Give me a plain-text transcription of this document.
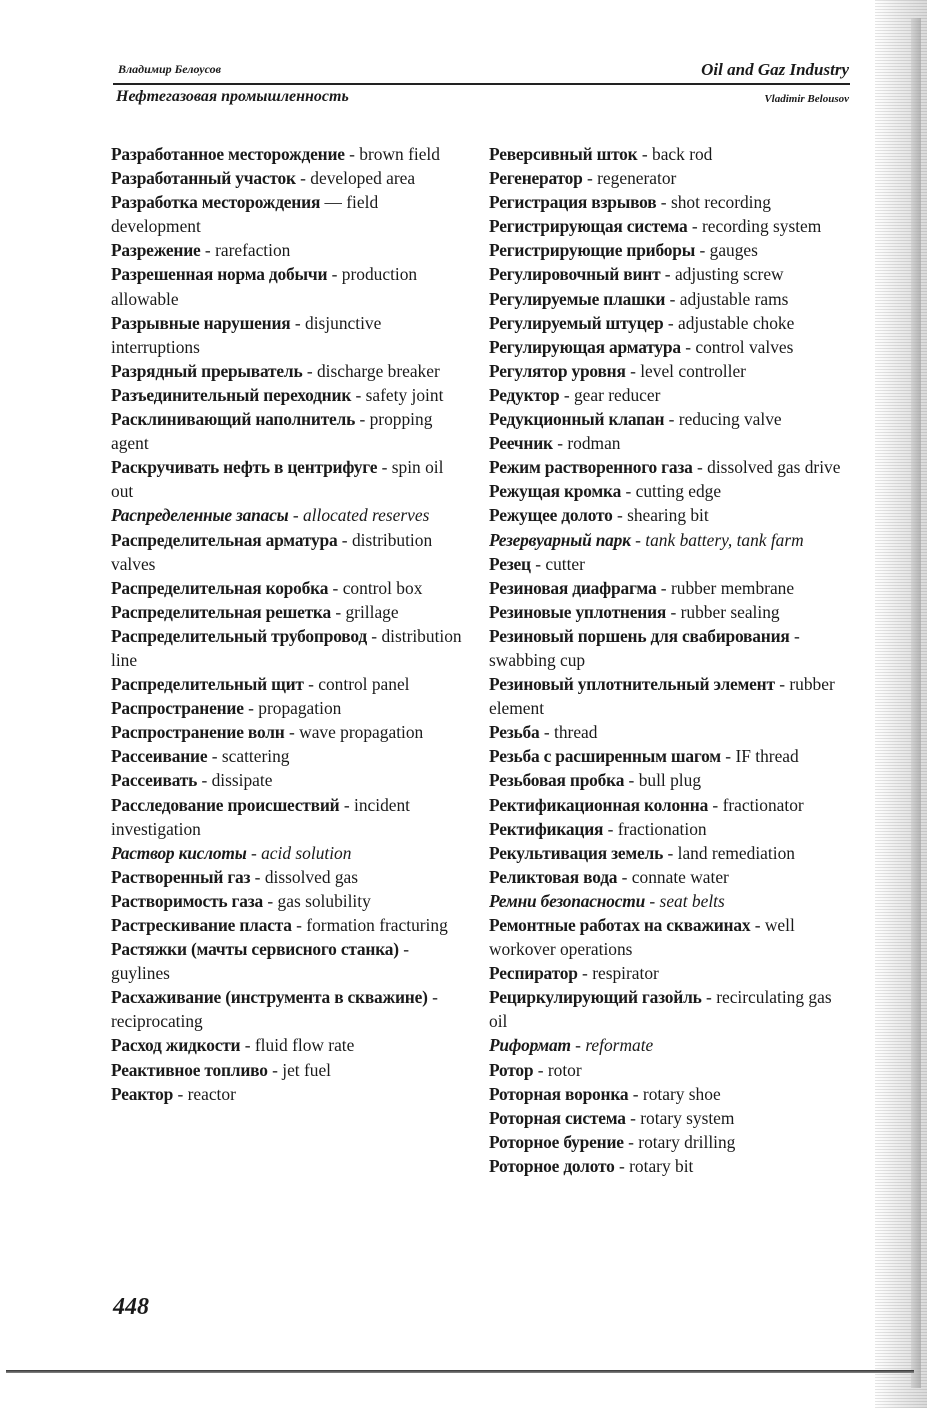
Владимир Белоусов	Oil and Gaz Industry

Нефтегазовая промышленность	Vladimir Belousov

Разработанное месторождение - brown field

Разработанный участок - developed area

Разработка месторождения — field development

Разрежение - rarefaction

Разрешенная норма добычи - production allowable

Разрывные нарушения - disjunctive interruptions

Разрядный прерыватель - discharge breaker

Разъединительный переходник - safety joint

Расклинивающий наполнитель - propping agent

Раскручивать нефть в центрифуге - spin oil out

Распределенные запасы - allocated reserves

Распределительная арматура - distribution valves

Распределительная коробка - control box

Распределительная решетка - grillage

Распределительный трубопровод - distribution line

Распределительный щит - control panel

Распространение - propagation

Распространение волн - wave propagation

Рассеивание - scattering

Рассеивать - dissipate

Расследование происшествий - incident investigation

Раствор кислоты - acid solution

Растворенный газ - dissolved gas

Растворимость газа - gas solubility

Растрескивание пласта - formation fracturing

Растяжки (мачты сервисного станка) - guylines

Расхаживание (инструмента в скважине) - reciprocating

Расход жидкости - fluid flow rate

Реактивное топливо - jet fuel

Реактор - reactor

Реверсивный шток - back rod

Регенератор - regenerator

Регистрация взрывов - shot recording

Регистрирующая система - recording system

Регистрирующие приборы - gauges

Регулировочный винт - adjusting screw

Регулируемые плашки - adjustable rams

Регулируемый штуцер - adjustable choke

Регулирующая арматура - control valves

Регулятор уровня - level controller

Редуктор - gear reducer

Редукционный клапан - reducing valve

Реечник - rodman

Режим растворенного газа - dissolved gas drive

Режущая кромка - cutting edge

Режущее долото - shearing bit

Резервуарный парк - tank battery, tank farm

Резец - cutter

Резиновая диафрагма - rubber membrane

Резиновые уплотнения - rubber sealing

Резиновый поршень для свабирования - swabbing cup

Резиновый уплотнительный элемент - rubber element

Резьба - thread

Резьба с расширенным шагом - IF thread

Резьбовая пробка - bull plug

Ректификационная колонна - fractionator

Ректификация - fractionation

Рекультивация земель - land remediation

Реликтовая вода - connate water

Ремни безопасности - seat belts

Ремонтные работах на скважинах - well workover operations

Респиратор - respirator

Рециркулирующий газойль - recirculating gas oil

Риформат - reformate

Ротор - rotor

Роторная воронка - rotary shoe

Роторная система - rotary system

Роторное бурение - rotary drilling

Роторное долото - rotary bit

448
